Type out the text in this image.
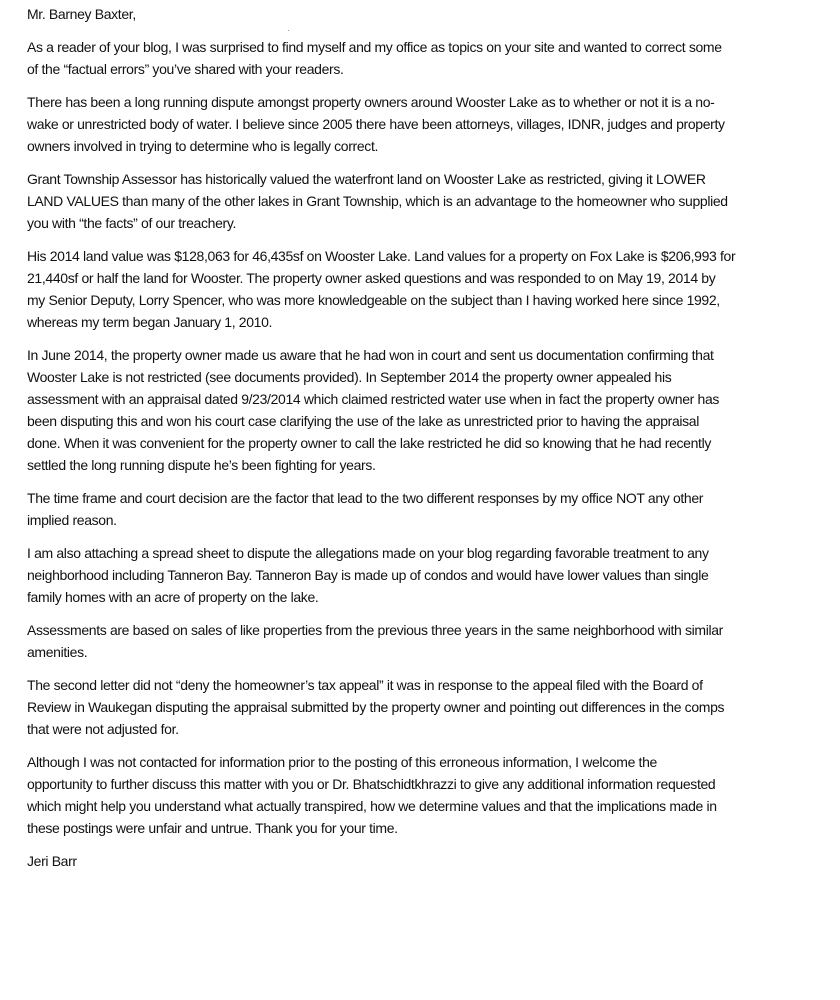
Mr. Barney Baxter,
As a reader of your blog, I was surprised to find myself and my office as topics on your site and wanted to correct some
of the “factual errors” you’ve shared with your readers.
There has been a long running dispute amongst property owners around Wooster Lake as to whether or not it is a no-
wake or unrestricted body of water. I believe since 2005 there have been attorneys, villages, IDNR, judges and property
owners involved in trying to determine who is legally correct.
Grant Township Assessor has historically valued the waterfront land on Wooster Lake as restricted, giving it LOWER
LAND VALUES than many of the other lakes in Grant Township, which is an advantage to the homeowner who supplied
you with “the facts” of our treachery.
His 2014 land value was $128,063 for 46,435sf on Wooster Lake. Land values for a property on Fox Lake is $206,993 for
21,440sf or half the land for Wooster. The property owner asked questions and was responded to on May 19, 2014 by
my Senior Deputy, Lorry Spencer, who was more knowledgeable on the subject than I having worked here since 1992,
whereas my term began January 1, 2010.
In June 2014, the property owner made us aware that he had won in court and sent us documentation confirming that
Wooster Lake is not restricted (see documents provided). In September 2014 the property owner appealed his
assessment with an appraisal dated 9/23/2014 which claimed restricted water use when in fact the property owner has
been disputing this and won his court case clarifying the use of the lake as unrestricted prior to having the appraisal
done. When it was convenient for the property owner to call the lake restricted he did so knowing that he had recently
settled the long running dispute he’s been fighting for years.
The time frame and court decision are the factor that lead to the two different responses by my office NOT any other
implied reason.
I am also attaching a spread sheet to dispute the allegations made on your blog regarding favorable treatment to any
neighborhood including Tanneron Bay. Tanneron Bay is made up of condos and would have lower values than single
family homes with an acre of property on the lake.
Assessments are based on sales of like properties from the previous three years in the same neighborhood with similar
amenities.
The second letter did not “deny the homeowner’s tax appeal” it was in response to the appeal filed with the Board of
Review in Waukegan disputing the appraisal submitted by the property owner and pointing out differences in the comps
that were not adjusted for.
Although I was not contacted for information prior to the posting of this erroneous information, I welcome the
opportunity to further discuss this matter with you or Dr. Bhatschidtkhrazzi to give any additional information requested
which might help you understand what actually transpired, how we determine values and that the implications made in
these postings were unfair and untrue. Thank you for your time.
Jeri Barr
